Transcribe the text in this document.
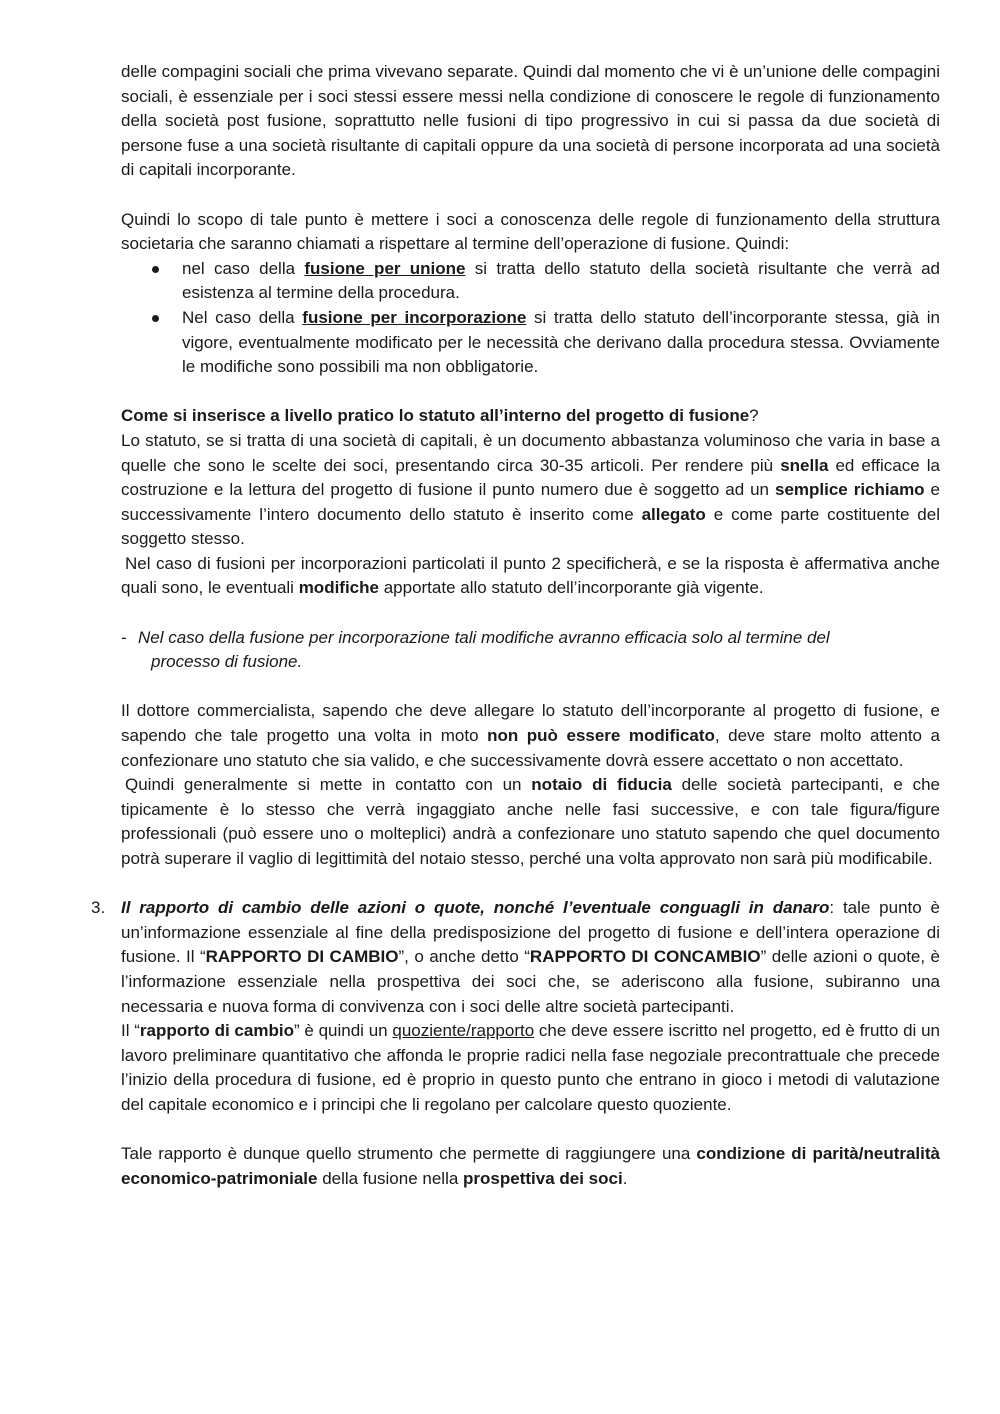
delle compagini sociali che prima vivevano separate. Quindi dal momento che vi è un’unione delle compagini sociali, è essenziale per i soci stessi essere messi nella condizione di conoscere le regole di funzionamento della società post fusione, soprattutto nelle fusioni di tipo progressivo in cui si passa da due società di persone fuse a una società risultante di capitali oppure da una società di persone incorporata ad una società di capitali incorporante.

Quindi lo scopo di tale punto è mettere i soci a conoscenza delle regole di funzionamento della struttura societaria che saranno chiamati a rispettare al termine dell’operazione di fusione. Quindi:

nel caso della fusione per unione si tratta dello statuto della società risultante che verrà ad esistenza al termine della procedura.
Nel caso della fusione per incorporazione si tratta dello statuto dell’incorporante stessa, già in vigore, eventualmente modificato per le necessità che derivano dalla procedura stessa. Ovviamente le modifiche sono possibili ma non obbligatorie.

Come si inserisce a livello pratico lo statuto all’interno del progetto di fusione?

Lo statuto, se si tratta di una società di capitali, è un documento abbastanza voluminoso che varia in base a quelle che sono le scelte dei soci, presentando circa 30-35 articoli. Per rendere più snella ed efficace la costruzione e la lettura del progetto di fusione il punto numero due è soggetto ad un semplice richiamo e successivamente l’intero documento dello statuto è inserito come allegato e come parte costituente del soggetto stesso.

Nel caso di fusioni per incorporazioni particolati il punto 2 specificherà, e se la risposta è affermativa anche quali sono, le eventuali modifiche apportate allo statuto dell’incorporante già vigente.

- Nel caso della fusione per incorporazione tali modifiche avranno efficacia solo al termine del
processo di fusione.

Il dottore commercialista, sapendo che deve allegare lo statuto dell’incorporante al progetto di fusione, e sapendo che tale progetto una volta in moto non può essere modificato, deve stare molto attento a confezionare uno statuto che sia valido, e che successivamente dovrà essere accettato o non accettato.

Quindi generalmente si mette in contatto con un notaio di fiducia delle società partecipanti, e che tipicamente è lo stesso che verrà ingaggiato anche nelle fasi successive, e con tale figura/figure professionali (può essere uno o molteplici) andrà a confezionare uno statuto sapendo che quel documento potrà superare il vaglio di legittimità del notaio stesso, perché una volta approvato non sarà più modificabile.

3. Il rapporto di cambio delle azioni o quote, nonché l’eventuale conguagli in danaro: tale punto è un’informazione essenziale al fine della predisposizione del progetto di fusione e dell’intera operazione di fusione. Il “RAPPORTO DI CAMBIO”, o anche detto “RAPPORTO DI CONCAMBIO” delle azioni o quote, è l’informazione essenziale nella prospettiva dei soci che, se aderiscono alla fusione, subiranno una necessaria e nuova forma di convivenza con i soci delle altre società partecipanti.

Il “rapporto di cambio” è quindi un quoziente/rapporto che deve essere iscritto nel progetto, ed è frutto di un lavoro preliminare quantitativo che affonda le proprie radici nella fase negoziale precontrattuale che precede l’inizio della procedura di fusione, ed è proprio in questo punto che entrano in gioco i metodi di valutazione del capitale economico e i principi che li regolano per calcolare questo quoziente.

Tale rapporto è dunque quello strumento che permette di raggiungere una condizione di parità/neutralità economico-patrimoniale della fusione nella prospettiva dei soci.
